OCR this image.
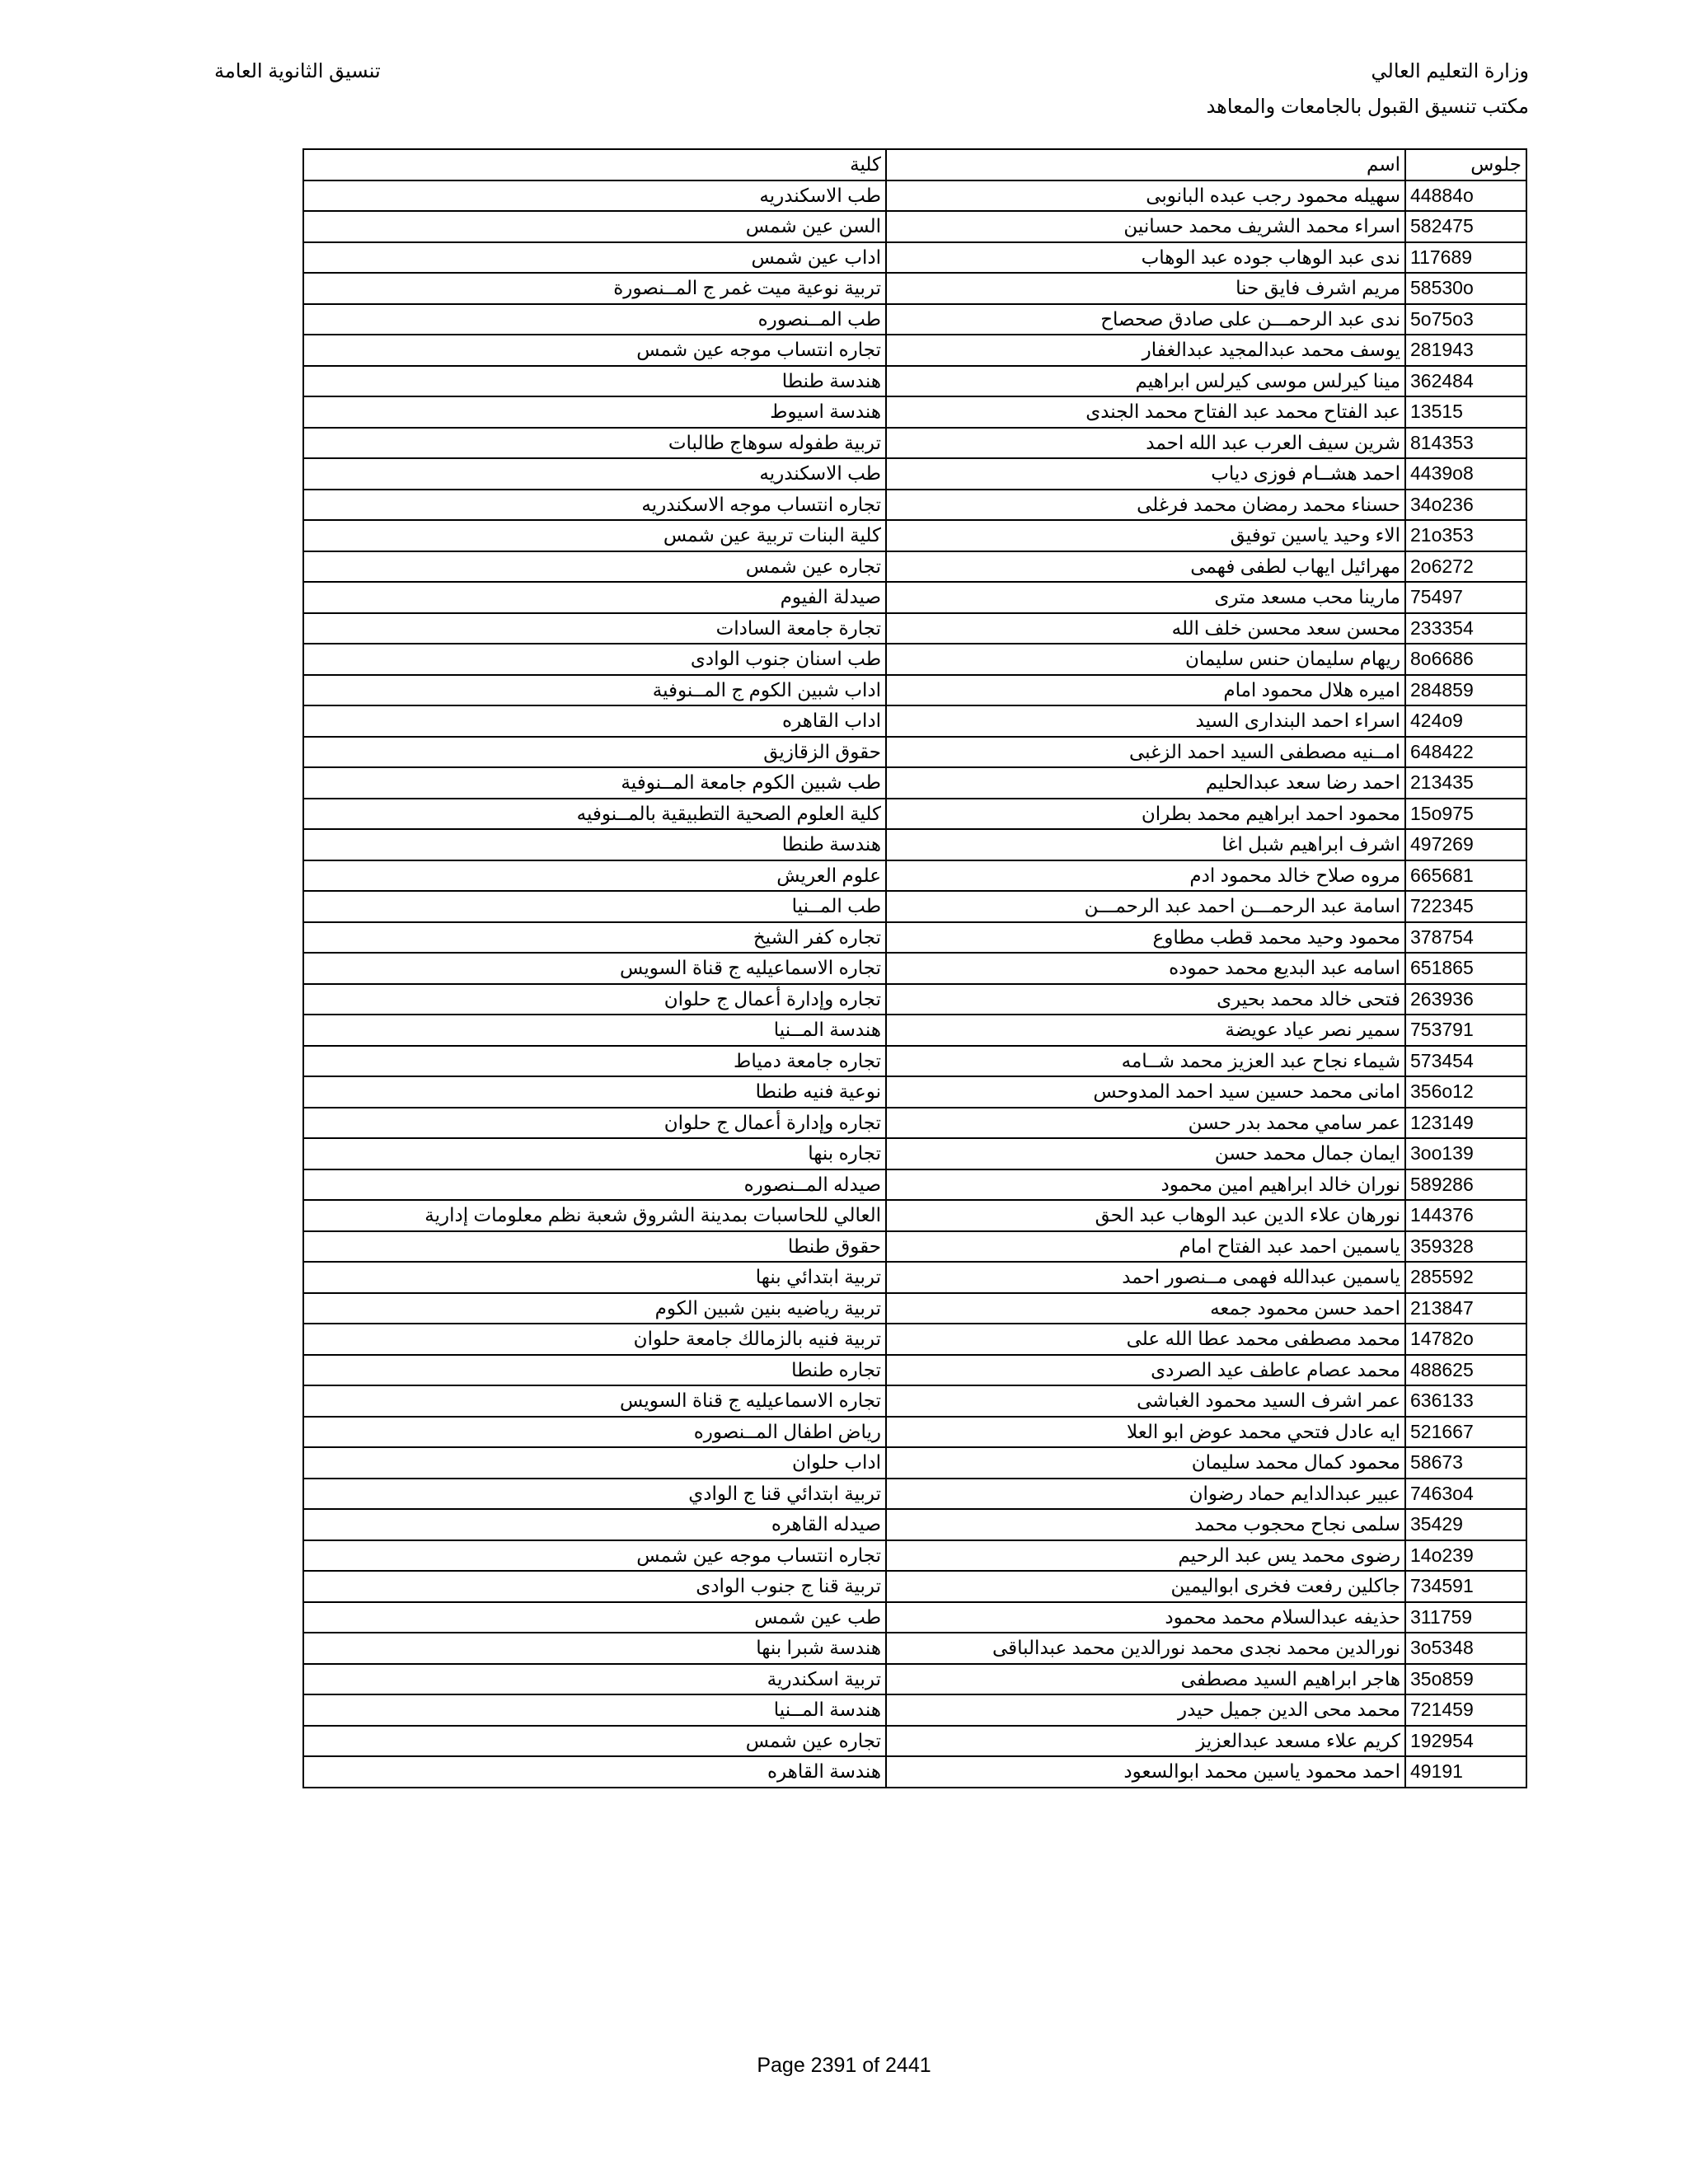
وزارة التعليم العالي
مكتب تنسيق القبول بالجامعات والمعاهد
تنسيق الثانوية العامة
كلية	اسم	جلوس
طب الاسكندريه	سهيله محمود رجب عبده البانوبى	44884o
السن عين شمس	اسراء محمد الشريف محمد حسانين	582475
اداب عين شمس	ندى عبد الوهاب جوده عبد الوهاب	117689
تربية نوعية ميت غمر ج المــنصورة	مريم اشرف فايق حنا	58530o
طب المــنصوره	ندى عبد الرحمـــن على صادق صحصاح	5o75o3
تجاره انتساب موجه عين شمس	يوسف محمد عبدالمجيد عبدالغفار	281943
هندسة طنطا	مينا كيرلس موسى كيرلس ابراهيم	362484
هندسة اسيوط	عبد الفتاح محمد عبد الفتاح محمد الجندى	13515
تربية طفوله سوهاج طالبات	شرين سيف العرب عبد الله احمد	814353
طب الاسكندريه	احمد هشــام فوزى دياب	4439o8
تجاره انتساب موجه الاسكندريه	حسناء محمد رمضان محمد فرغلى	34o236
كلية البنات تربية عين شمس	الاء وحيد ياسين توفيق	21o353
تجاره عين شمس	مهرائيل ايهاب لطفى فهمى	2o6272
صيدلة الفيوم	مارينا محب مسعد مترى	75497
تجارة جامعة السادات	محسن سعد محسن خلف الله	233354
طب اسنان جنوب الوادى	ريهام سليمان حنس سليمان	8o6686
اداب شبين الكوم ج المــنوفية	اميره هلال محمود امام	284859
اداب القاهره	اسراء احمد البندارى السيد	424o9
حقوق الزقازيق	امــنيه مصطفى السيد احمد الزغبى	648422
طب شبين الكوم جامعة المــنوفية	احمد رضا سعد عبدالحليم	213435
كلية العلوم الصحية التطبيقية بالمــنوفيه	محمود احمد ابراهيم محمد بطران	15o975
هندسة طنطا	اشرف ابراهيم شبل اغا	497269
علوم العريش	مروه صلاح خالد محمود ادم	665681
طب المــنيا	اسامة عبد الرحمـــن احمد عبد الرحمـــن	722345
تجاره كفر الشيخ	محمود وحيد محمد قطب مطاوع	378754
تجاره الاسماعيليه ج قناة السويس	اسامه عبد البديع محمد حموده	651865
تجاره وإدارة أعمال ج حلوان	فتحى خالد محمد بحيرى	263936
هندسة المــنيا	سمير نصر عياد عويضة	753791
تجاره جامعة دمياط	شيماء نجاح عبد العزيز محمد شــامه	573454
نوعية فنيه طنطا	امانى محمد حسين سيد احمد المدوحس	356o12
تجاره وإدارة أعمال ج حلوان	عمر سامي محمد بدر حسن	123149
تجاره بنها	ايمان جمال محمد حسن	3oo139
صيدله المــنصوره	نوران خالد ابراهيم امين محمود	589286
العالي للحاسبات بمدينة الشروق شعبة نظم معلومات إدارية	نورهان علاء الدين عبد الوهاب عبد الحق	144376
حقوق طنطا	ياسمين احمد عبد الفتاح امام	359328
تربية ابتدائي بنها	ياسمين عبدالله فهمى مــنصور احمد	285592
تربية رياضيه بنين شبين الكوم	احمد حسن محمود جمعه	213847
تربية فنيه بالزمالك جامعة حلوان	محمد مصطفى محمد عطا الله على	14782o
تجاره طنطا	محمد عصام عاطف عيد الصردى	488625
تجاره الاسماعيليه ج قناة السويس	عمر اشرف السيد محمود الغباشى	636133
رياض اطفال المــنصوره	ايه عادل فتحي محمد عوض ابو العلا	521667
اداب حلوان	محمود كمال محمد سليمان	58673
تربية ابتدائي قنا ج الوادي	عبير عبدالدايم حماد رضوان	7463o4
صيدله القاهره	سلمى نجاح محجوب محمد	35429
تجاره انتساب موجه عين شمس	رضوى محمد يس عبد الرحيم	14o239
تربية قنا ج جنوب الوادى	جاكلين رفعت فخرى ابواليمين	734591
طب عين شمس	حذيفه عبدالسلام محمد محمود	311759
هندسة شبرا بنها	نورالدين محمد نجدى محمد نورالدين محمد عبدالباقى	3o5348
تربية اسكندرية	هاجر ابراهيم السيد مصطفى	35o859
هندسة المــنيا	محمد محى الدين جميل حيدر	721459
تجاره عين شمس	كريم علاء مسعد عبدالعزيز	192954
هندسة القاهره	احمد محمود ياسين محمد ابوالسعود	49191
Page 2391 of 2441
